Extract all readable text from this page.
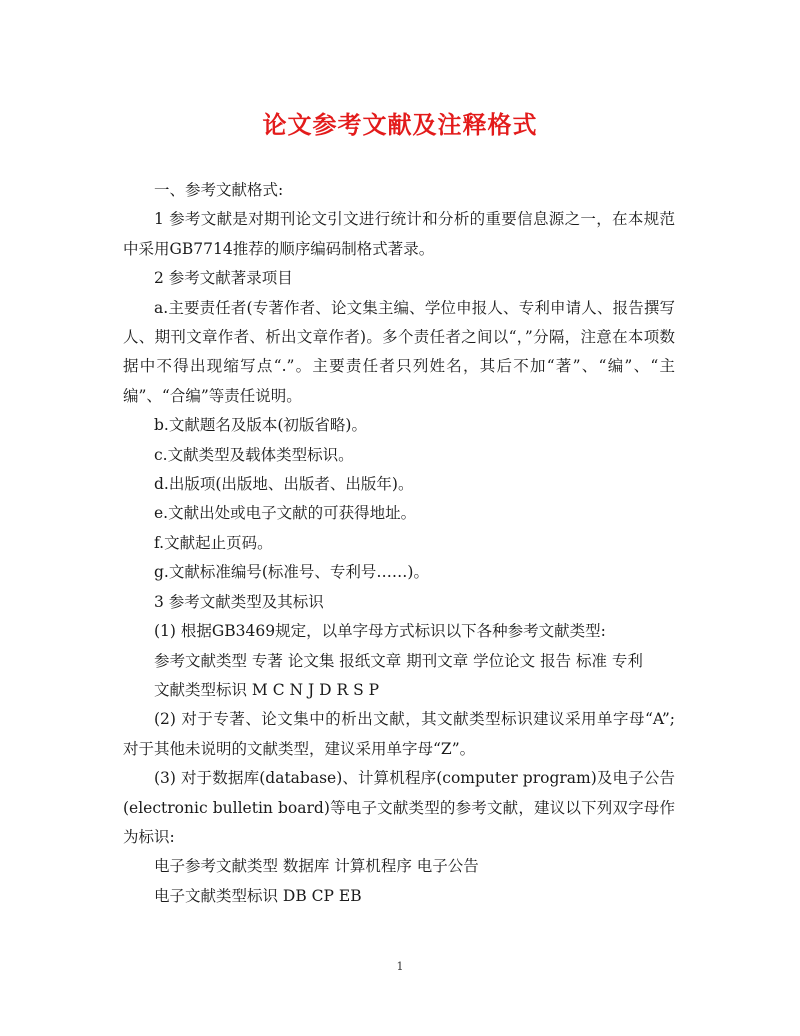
论文参考文献及注释格式

一、参考文献格式:

1 参考文献是对期刊论文引文进行统计和分析的重要信息源之一，在本规范中采用GB7714推荐的顺序编码制格式著录。

2 参考文献著录项目

a.主要责任者(专著作者、论文集主编、学位申报人、专利申请人、报告撰写人、期刊文章作者、析出文章作者)。多个责任者之间以“，”分隔，注意在本项数据中不得出现缩写点“.”。主要责任者只列姓名，其后不加“著”、“编”、“主编”、“合编”等责任说明。

b.文献题名及版本(初版省略)。

c.文献类型及载体类型标识。

d.出版项(出版地、出版者、出版年)。

e.文献出处或电子文献的可获得地址。

f.文献起止页码。

g.文献标准编号(标准号、专利号……)。

3 参考文献类型及其标识

(1) 根据GB3469规定，以单字母方式标识以下各种参考文献类型:

参考文献类型 专著 论文集 报纸文章 期刊文章 学位论文 报告 标准 专利

文献类型标识 M C N J D R S P

(2) 对于专著、论文集中的析出文献，其文献类型标识建议采用单字母“A”;对于其他未说明的文献类型，建议采用单字母“Z”。

(3) 对于数据库(database)、计算机程序(computer program)及电子公告(electronic bulletin board)等电子文献类型的参考文献，建议以下列双字母作为标识:

电子参考文献类型 数据库 计算机程序 电子公告

电子文献类型标识 DB CP EB

1
